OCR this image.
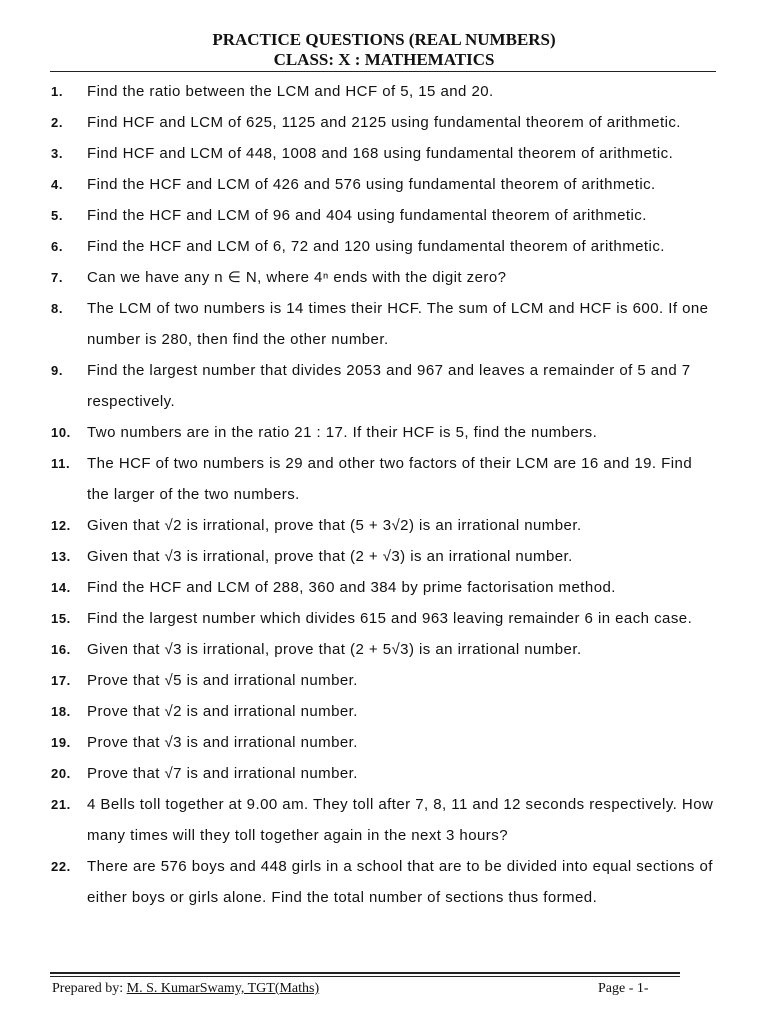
PRACTICE QUESTIONS (REAL NUMBERS)
CLASS: X : MATHEMATICS
1. Find the ratio between the LCM and HCF of 5, 15 and 20.
2. Find HCF and LCM of 625, 1125 and 2125 using fundamental theorem of arithmetic.
3. Find HCF and LCM of 448, 1008 and 168 using fundamental theorem of arithmetic.
4. Find the HCF and LCM of 426 and 576 using fundamental theorem of arithmetic.
5. Find the HCF and LCM of 96 and 404 using fundamental theorem of arithmetic.
6. Find the HCF and LCM of 6, 72 and 120 using fundamental theorem of arithmetic.
7. Can we have any n ∈ N, where 4ⁿ ends with the digit zero?
8. The LCM of two numbers is 14 times their HCF. The sum of LCM and HCF is 600. If one number is 280, then find the other number.
9. Find the largest number that divides 2053 and 967 and leaves a remainder of 5 and 7 respectively.
10. Two numbers are in the ratio 21 : 17. If their HCF is 5, find the numbers.
11. The HCF of two numbers is 29 and other two factors of their LCM are 16 and 19. Find the larger of the two numbers.
12. Given that √2 is irrational, prove that (5 + 3√2) is an irrational number.
13. Given that √3 is irrational, prove that (2 + √3) is an irrational number.
14. Find the HCF and LCM of 288, 360 and 384 by prime factorisation method.
15. Find the largest number which divides 615 and 963 leaving remainder 6 in each case.
16. Given that √3 is irrational, prove that (2 + 5√3) is an irrational number.
17. Prove that √5 is and irrational number.
18. Prove that √2 is and irrational number.
19. Prove that √3 is and irrational number.
20. Prove that √7 is and irrational number.
21. 4 Bells toll together at 9.00 am. They toll after 7, 8, 11 and 12 seconds respectively. How many times will they toll together again in the next 3 hours?
22. There are 576 boys and 448 girls in a school that are to be divided into equal sections of either boys or girls alone. Find the total number of sections thus formed.
Prepared by: M. S. KumarSwamy, TGT(Maths)	Page - 1-
